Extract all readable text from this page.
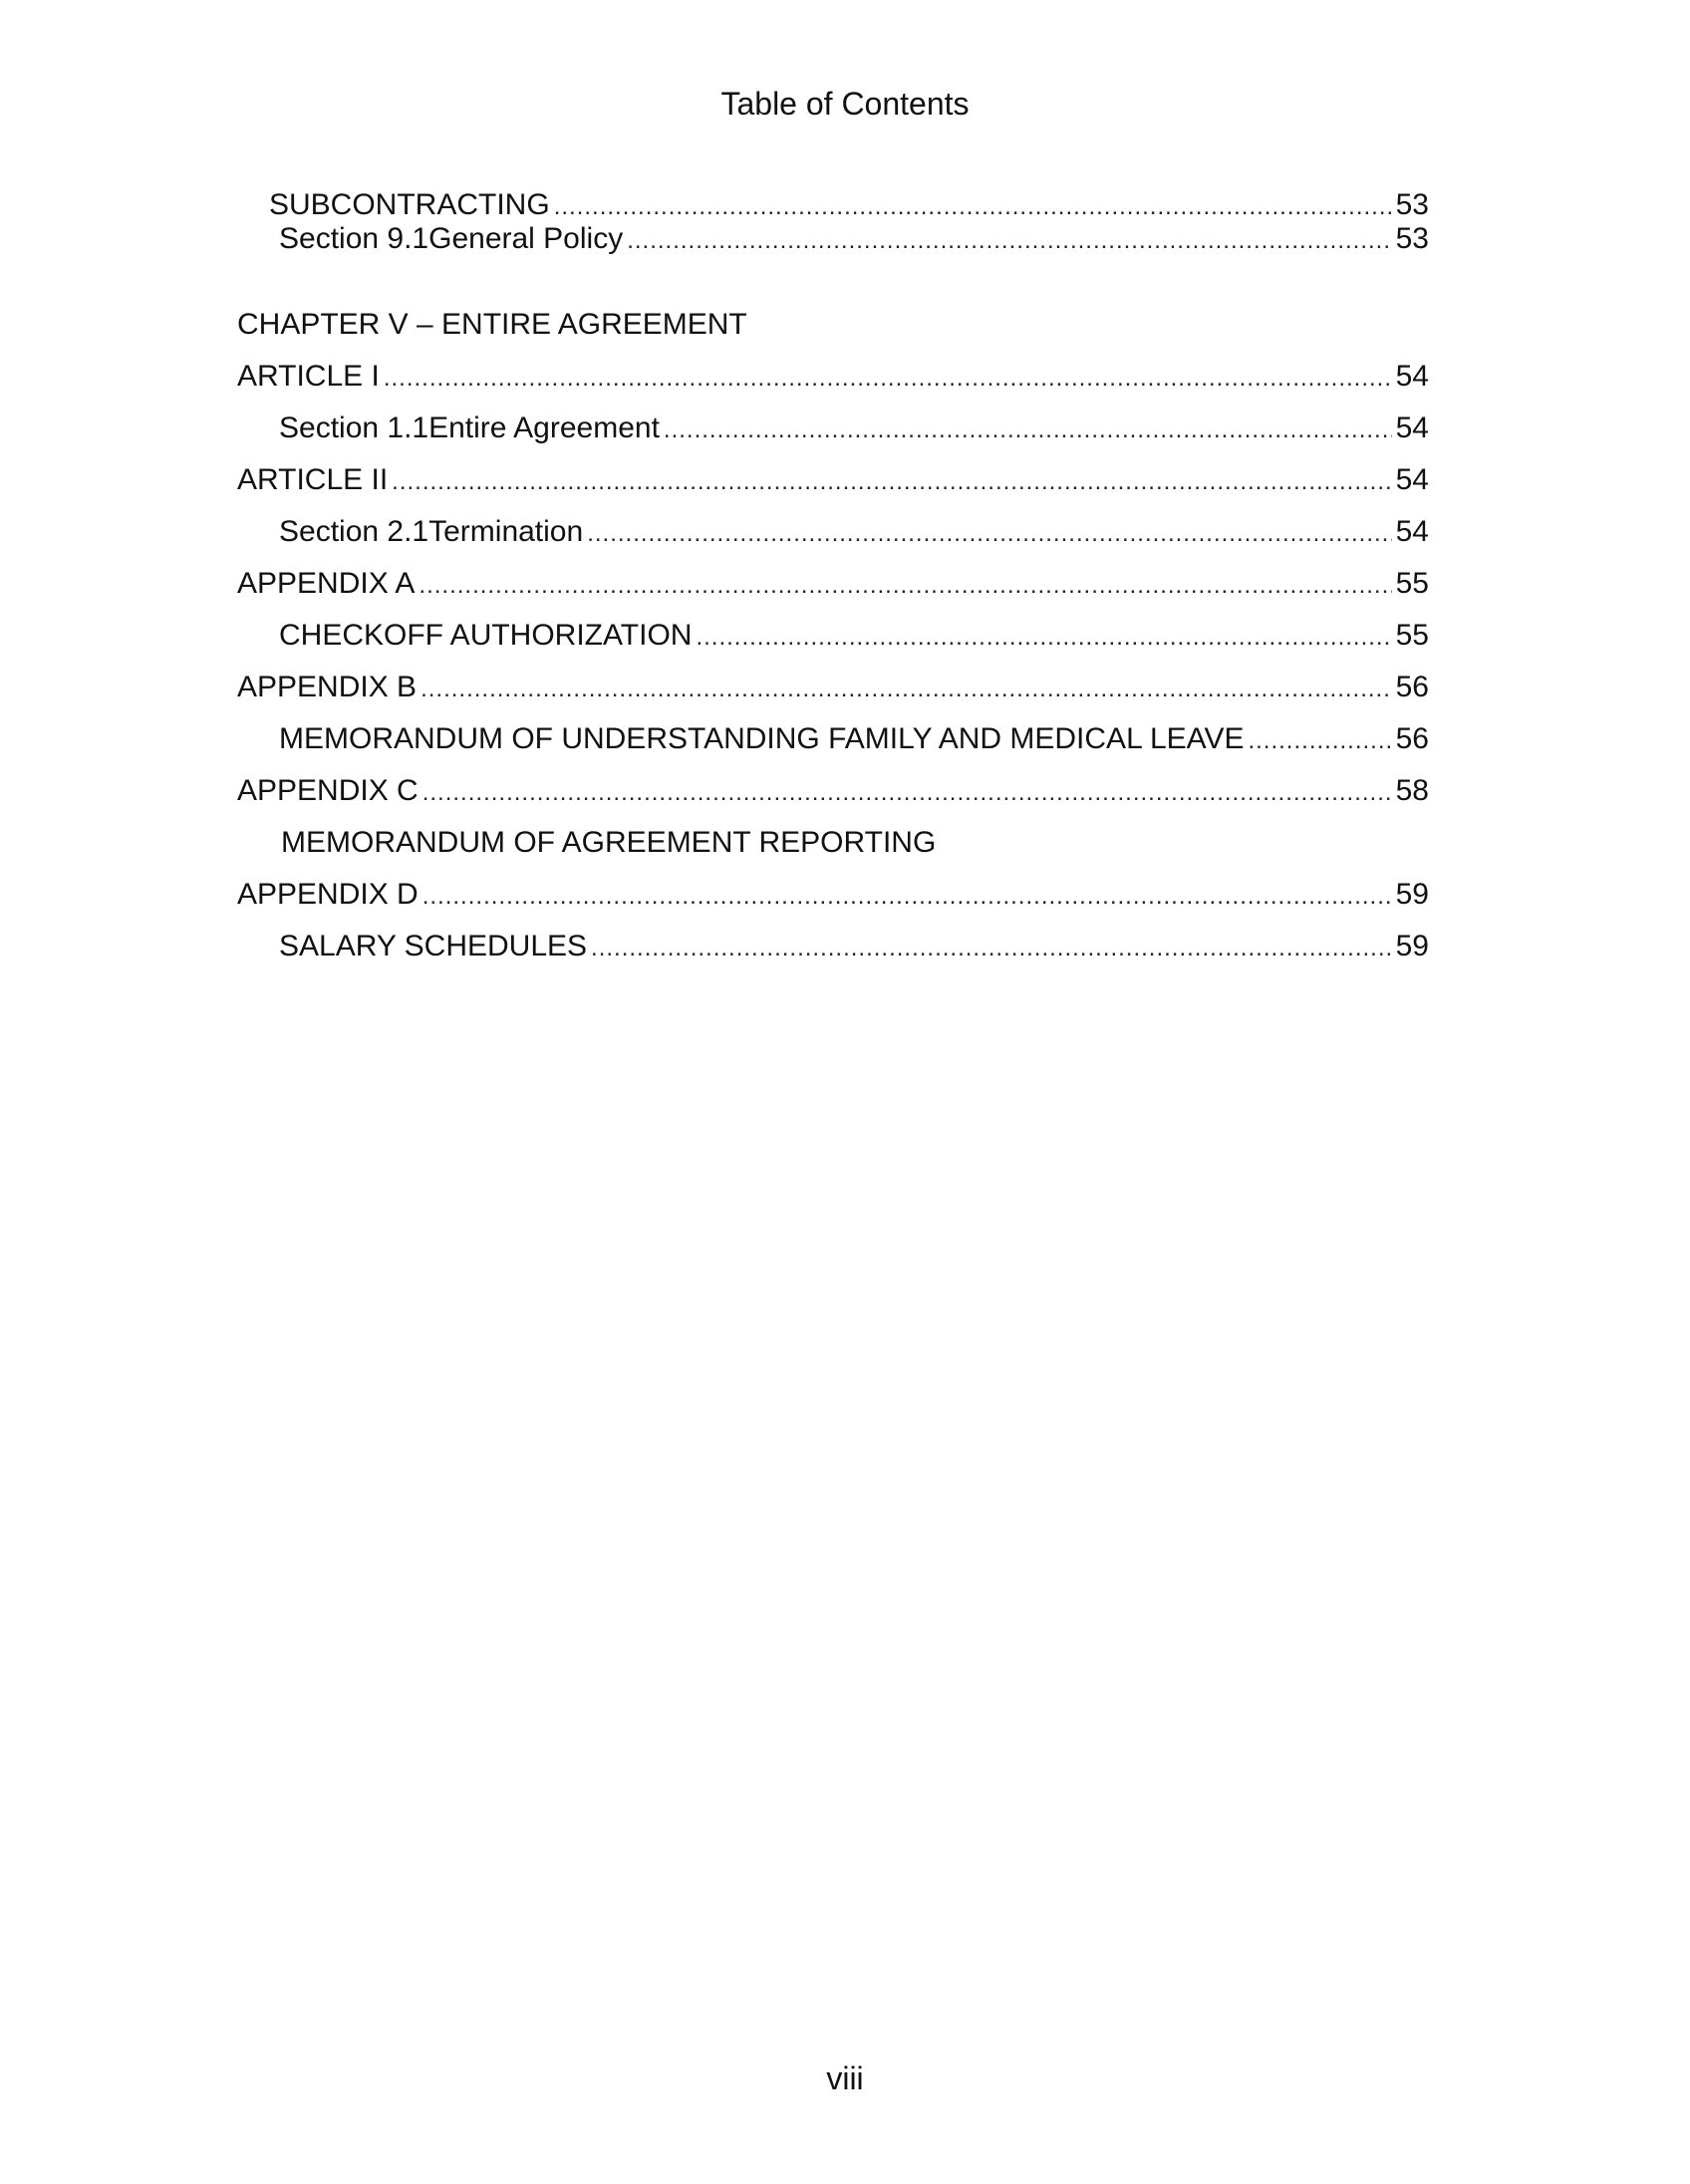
Table of Contents
SUBCONTRACTING .....	53
Section 9.1 General Policy .....	53
CHAPTER V – ENTIRE AGREEMENT
ARTICLE I .....	54
Section 1.1 Entire Agreement .....	54
ARTICLE II .....	54
Section 2.1 Termination .....	54
APPENDIX A .....	55
CHECKOFF AUTHORIZATION .....	55
APPENDIX B .....	56
MEMORANDUM OF UNDERSTANDING FAMILY AND MEDICAL LEAVE .....	56
APPENDIX C .....	58
MEMORANDUM OF AGREEMENT REPORTING
APPENDIX D .....	59
SALARY SCHEDULES .....	59
viii
